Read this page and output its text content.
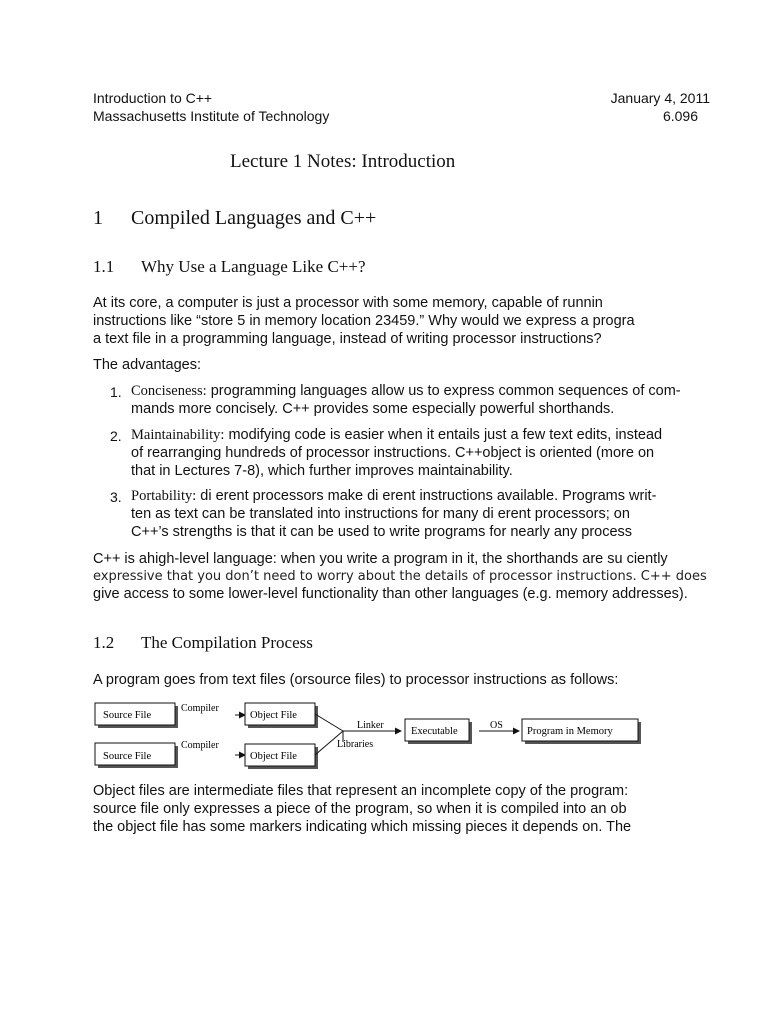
Introduction to C++
Massachusetts Institute of Technology
January 4, 2011
6.096
Lecture 1 Notes: Introduction
1 Compiled Languages and C++
1.1 Why Use a Language Like C++?
At its core, a computer is just a processor with some memory, capable of runnin
instructions like “store 5 in memory location 23459.” Why would we express a progra
a text file in a programming language, instead of writing processor instructions?
The advantages:
1. Conciseness: programming languages allow us to express common sequences of com-
mands more concisely. C++ provides some especially powerful shorthands.
2. Maintainability: modifying code is easier when it entails just a few text edits, instead
of rearranging hundreds of processor instructions. C++object is oriented (more on
that in Lectures 7-8), which further improves maintainability.
3. Portability: di erent processors make di erent instructions available. Programs writ-
ten as text can be translated into instructions for many di erent processors; on
C++’s strengths is that it can be used to write programs for nearly any process
C++ is ahigh-level language: when you write a program in it, the shorthands are su ciently
expressive that you don’t need to worry about the details of processor instructions. C++ does
give access to some lower-level functionality than other languages (e.g. memory addresses).
1.2 The Compilation Process
A program goes from text files (orsource files) to processor instructions as follows:
Source File
Source File
Compiler
Compiler
Object File
Object File
Linker
Libraries
Executable
OS
Program in Memory
Object files are intermediate files that represent an incomplete copy of the program:
source file only expresses a piece of the program, so when it is compiled into an ob
the object file has some markers indicating which missing pieces it depends on. The
